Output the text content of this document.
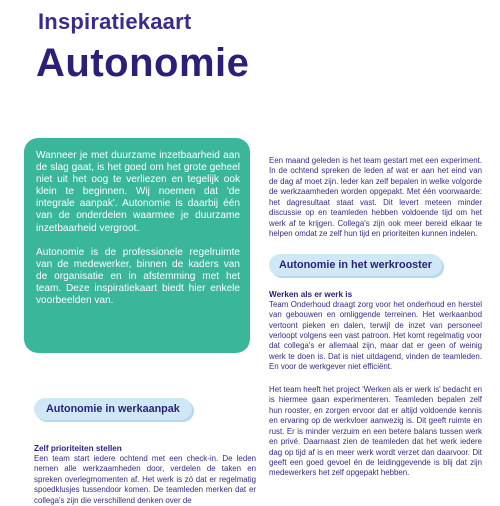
Inspiratiekaart
Autonomie

Wanneer je met duurzame inzetbaarheid aan de slag gaat, is het goed om het grote geheel niet uit het oog te verliezen en tegelijk ook klein te beginnen. Wij noemen dat 'de integrale aanpak'. Autonomie is daarbij één van de onderdelen waarmee je duurzame inzetbaarheid vergroot.

Autonomie is de professionele regelruimte van de medewerker, binnen de kaders van de organisatie en in afstemming met het team. Deze inspiratiekaart biedt hier enkele voorbeelden van.

Autonomie in werkaanpak

Zelf prioriteiten stellen

Een team start iedere ochtend met een check-in. De leden nemen alle werkzaamheden door, verdelen de taken en spreken overlegmomenten af. Het werk is zó dat er regelmatig spoedklusjes tussendoor komen. De teamleden merken dat er collega's zijn die verschillend denken over de

Een maand geleden is het team gestart met een experiment. In de ochtend spreken de leden af wat er aan het eind van de dag af moet zijn. Ieder kan zelf bepalen in welke volgorde de werkzaamheden worden opgepakt. Met één voorwaarde: het dagresultaat staat vast. Dit levert meteen minder discussie op en teamleden hebben voldoende tijd om het werk af te krijgen. Collega's zijn ook meer bereid elkaar te helpen omdat ze zelf hun tijd en prioriteiten kunnen indelen.

Autonomie in het werkrooster

Werken als er werk is

Team Onderhoud draagt zorg voor het onderhoud en herstel van gebouwen en omliggende terreinen. Het werkaanbod vertoont pieken en dalen, terwijl de inzet van personeel verloopt volgens een vast patroon. Het komt regelmatig voor dat collega's er allemaal zijn, maar dat er geen of weinig werk te doen is. Dat is niet uitdagend, vinden de teamleden. En voor de werkgever niet efficiënt.

Het team heeft het project 'Werken als er werk is' bedacht en is hiermee gaan experimenteren. Teamleden bepalen zelf hun rooster, en zorgen ervoor dat er altijd voldoende kennis en ervaring op de werkvloer aanwezig is. Dit geeft ruimte en rust. Er is minder verzuim en een betere balans tussen werk en privé. Daarnaast zien de teamleden dat het werk iedere dag op tijd af is en meer werk wordt verzet dan daarvoor. Dit geeft een goed gevoel én de leidinggevende is blij dat zijn medewerkers het zelf opgepakt hebben.
